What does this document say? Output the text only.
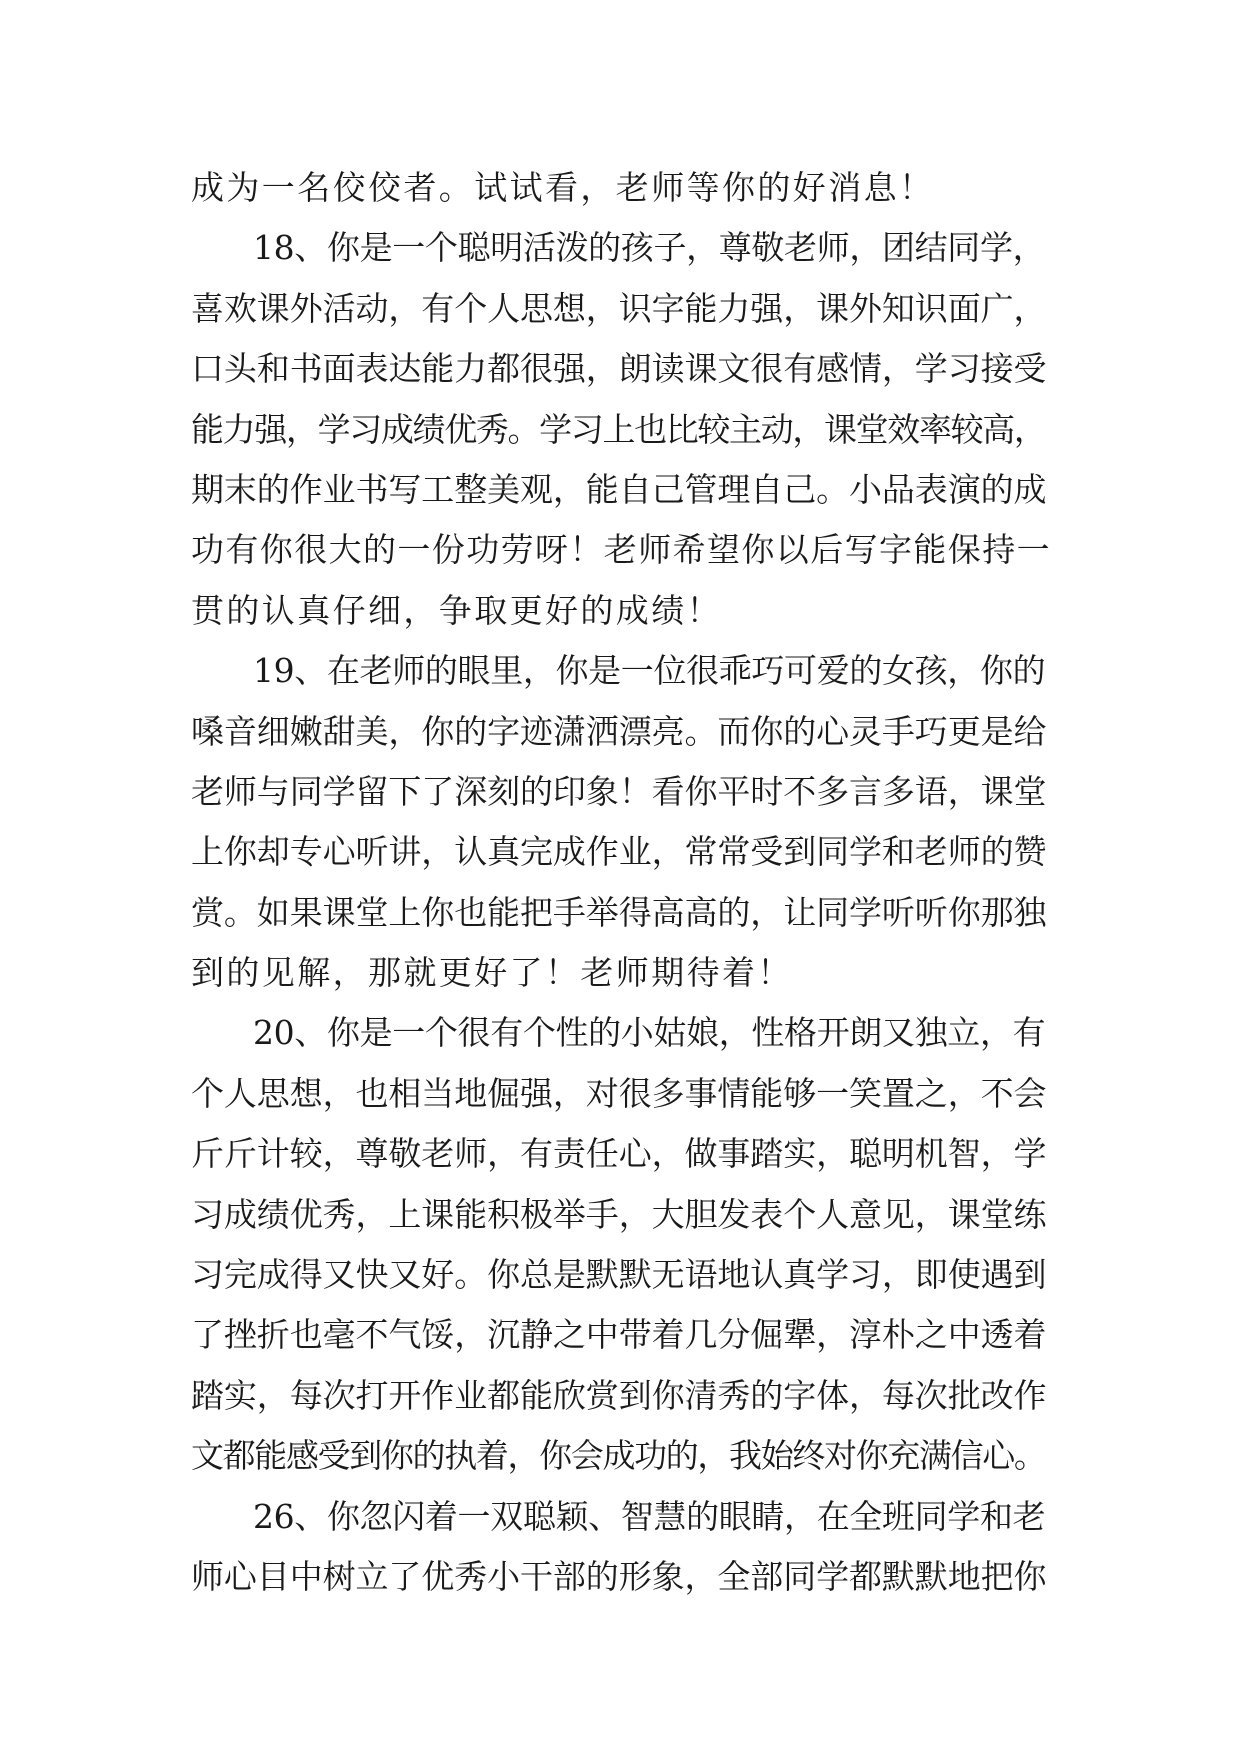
成为一名佼佼者。试试看，老师等你的好消息！
18、你是一个聪明活泼的孩子，尊敬老师，团结同学，
喜欢课外活动，有个人思想，识字能力强，课外知识面广，
口头和书面表达能力都很强，朗读课文很有感情，学习接受
能力强，学习成绩优秀。学习上也比较主动，课堂效率较高，
期末的作业书写工整美观，能自己管理自己。小品表演的成
功有你很大的一份功劳呀！老师希望你以后写字能保持一
贯的认真仔细，争取更好的成绩！
19、在老师的眼里，你是一位很乖巧可爱的女孩，你的
嗓音细嫩甜美，你的字迹潇洒漂亮。而你的心灵手巧更是给
老师与同学留下了深刻的印象！看你平时不多言多语，课堂
上你却专心听讲，认真完成作业，常常受到同学和老师的赞
赏。如果课堂上你也能把手举得高高的，让同学听听你那独
到的见解，那就更好了！老师期待着！
20、你是一个很有个性的小姑娘，性格开朗又独立，有
个人思想，也相当地倔强，对很多事情能够一笑置之，不会
斤斤计较，尊敬老师，有责任心，做事踏实，聪明机智，学
习成绩优秀，上课能积极举手，大胆发表个人意见，课堂练
习完成得又快又好。你总是默默无语地认真学习，即使遇到
了挫折也毫不气馁，沉静之中带着几分倔犟，淳朴之中透着
踏实，每次打开作业都能欣赏到你清秀的字体，每次批改作
文都能感受到你的执着，你会成功的，我始终对你充满信心。
26、你忽闪着一双聪颖、智慧的眼睛，在全班同学和老
师心目中树立了优秀小干部的形象，全部同学都默默地把你
